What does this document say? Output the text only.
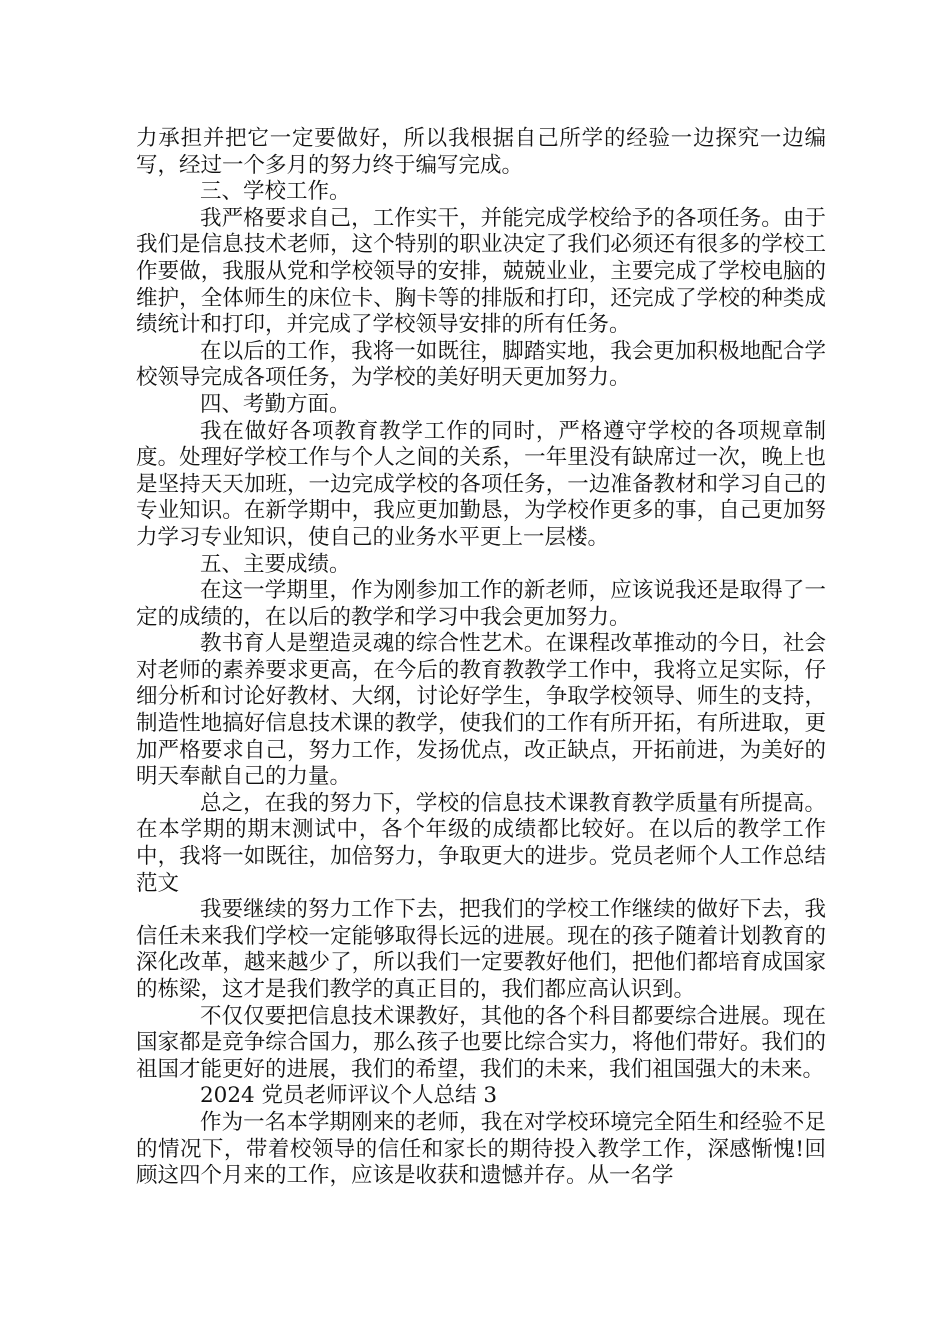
力承担并把它一定要做好，所以我根据自己所学的经验一边探究一边编写，经过一个多月的努力终于编写完成。

三、学校工作。

我严格要求自己，工作实干，并能完成学校给予的各项任务。由于我们是信息技术老师，这个特别的职业决定了我们必须还有很多的学校工作要做，我服从党和学校领导的安排，兢兢业业，主要完成了学校电脑的维护，全体师生的床位卡、胸卡等的排版和打印，还完成了学校的种类成绩统计和打印，并完成了学校领导安排的所有任务。

在以后的工作，我将一如既往，脚踏实地，我会更加积极地配合学校领导完成各项任务，为学校的美好明天更加努力。

四、考勤方面。

我在做好各项教育教学工作的同时，严格遵守学校的各项规章制度。处理好学校工作与个人之间的关系，一年里没有缺席过一次，晚上也是坚持天天加班，一边完成学校的各项任务，一边准备教材和学习自己的专业知识。在新学期中，我应更加勤恳，为学校作更多的事，自己更加努力学习专业知识，使自己的业务水平更上一层楼。

五、主要成绩。

在这一学期里，作为刚参加工作的新老师，应该说我还是取得了一定的成绩的，在以后的教学和学习中我会更加努力。

教书育人是塑造灵魂的综合性艺术。在课程改革推动的今日，社会对老师的素养要求更高，在今后的教育教教学工作中，我将立足实际，仔细分析和讨论好教材、大纲，讨论好学生，争取学校领导、师生的支持，制造性地搞好信息技术课的教学，使我们的工作有所开拓，有所进取，更加严格要求自己，努力工作，发扬优点，改正缺点，开拓前进，为美好的明天奉献自己的力量。

总之，在我的努力下，学校的信息技术课教育教学质量有所提高。在本学期的期末测试中，各个年级的成绩都比较好。在以后的教学工作中，我将一如既往，加倍努力，争取更大的进步。党员老师个人工作总结范文

我要继续的努力工作下去，把我们的学校工作继续的做好下去，我信任未来我们学校一定能够取得长远的进展。现在的孩子随着计划教育的深化改革，越来越少了，所以我们一定要教好他们，把他们都培育成国家的栋梁，这才是我们教学的真正目的，我们都应高认识到。

不仅仅要把信息技术课教好，其他的各个科目都要综合进展。现在国家都是竞争综合国力，那么孩子也要比综合实力，将他们带好。我们的祖国才能更好的进展，我们的希望，我们的未来，我们祖国强大的未来。

2024 党员老师评议个人总结 3

作为一名本学期刚来的老师，我在对学校环境完全陌生和经验不足的情况下，带着校领导的信任和家长的期待投入教学工作，深感惭愧!回顾这四个月来的工作，应该是收获和遗憾并存。从一名学
